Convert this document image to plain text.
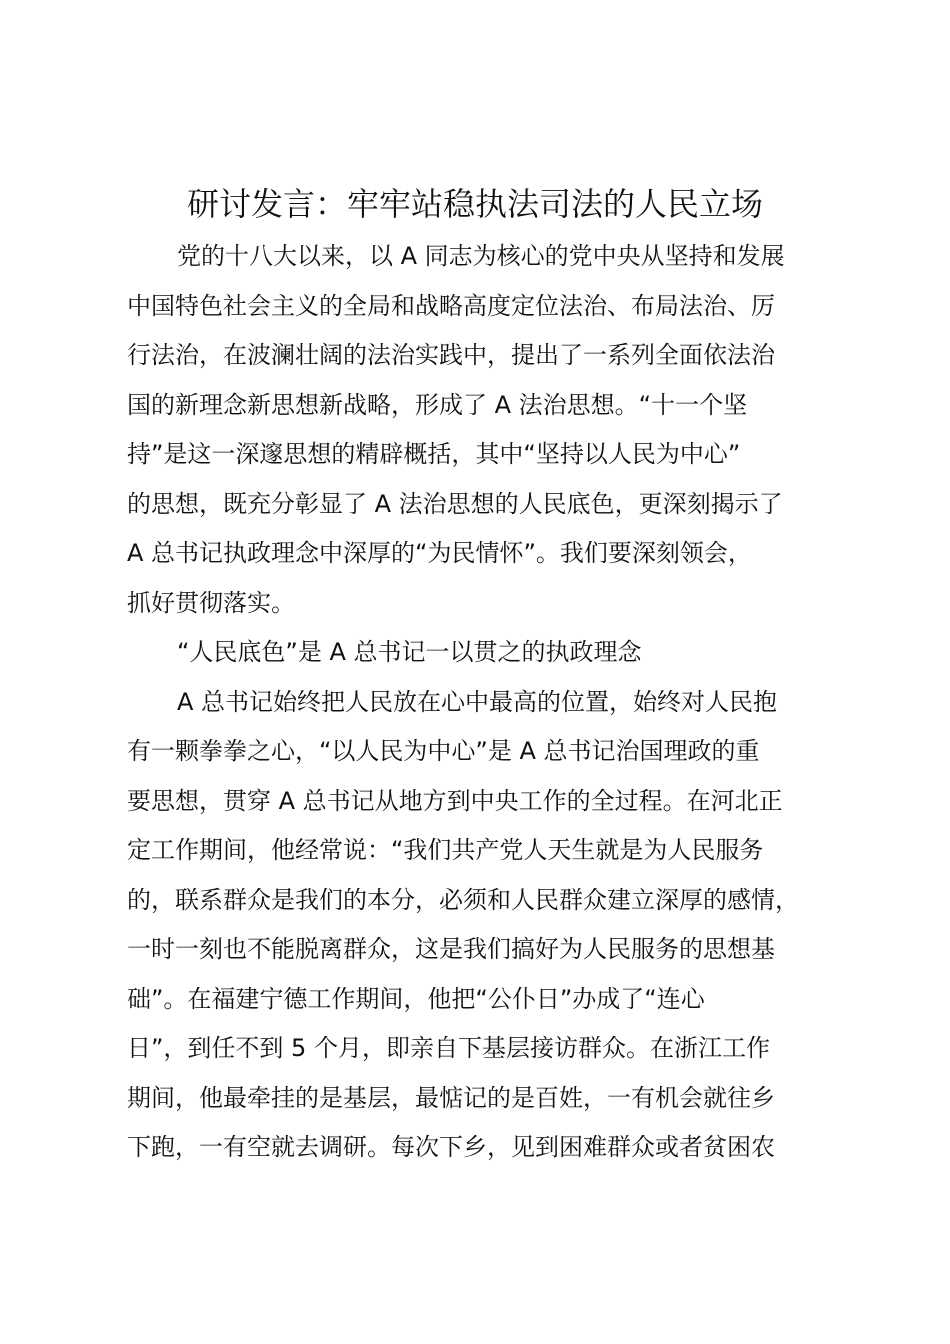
研讨发言：牢牢站稳执法司法的人民立场
党的十八大以来，以 A 同志为核心的党中央从坚持和发展
中国特色社会主义的全局和战略高度定位法治、布局法治、厉
行法治，在波澜壮阔的法治实践中，提出了一系列全面依法治
国的新理念新思想新战略，形成了 A 法治思想。“十一个坚
持”是这一深邃思想的精辟概括，其中“坚持以人民为中心”
的思想，既充分彰显了 A 法治思想的人民底色，更深刻揭示了
A 总书记执政理念中深厚的“为民情怀”。我们要深刻领会，
抓好贯彻落实。
“人民底色”是 A 总书记一以贯之的执政理念
A 总书记始终把人民放在心中最高的位置，始终对人民抱
有一颗拳拳之心，“以人民为中心”是 A 总书记治国理政的重
要思想，贯穿 A 总书记从地方到中央工作的全过程。在河北正
定工作期间，他经常说：“我们共产党人天生就是为人民服务
的，联系群众是我们的本分，必须和人民群众建立深厚的感情，
一时一刻也不能脱离群众，这是我们搞好为人民服务的思想基
础”。在福建宁德工作期间，他把“公仆日”办成了“连心
日”，到任不到 5 个月，即亲自下基层接访群众。在浙江工作
期间，他最牵挂的是基层，最惦记的是百姓，一有机会就往乡
下跑，一有空就去调研。每次下乡，见到困难群众或者贫困农
